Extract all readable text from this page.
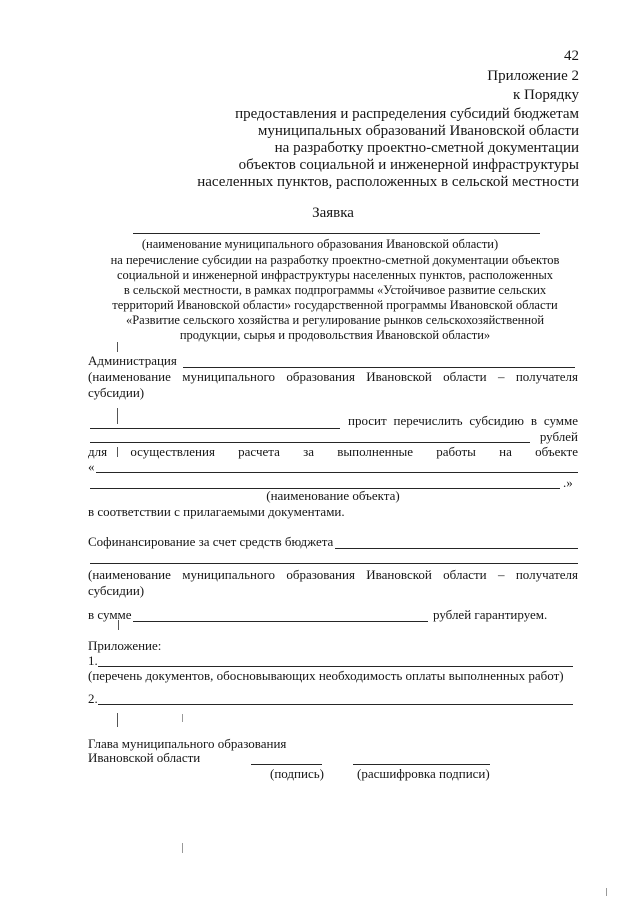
42
Приложение 2
к Порядку
предоставления и распределения субсидий бюджетам
муниципальных образований Ивановской области
на разработку проектно-сметной документации
объектов социальной и инженерной инфраструктуры
населенных пунктов, расположенных в сельской местности
Заявка
(наименование муниципального образования Ивановской области)
на перечисление субсидии на разработку проектно-сметной документации объектов
социальной и инженерной инфраструктуры населенных пунктов, расположенных
в сельской местности, в рамках подпрограммы «Устойчивое развитие сельских
территорий Ивановской области» государственной программы Ивановской области
«Развитие сельского хозяйства и регулирование рынков сельскохозяйственной
продукции, сырья и продовольствия Ивановской области»
Администрация
(наименование муниципального образования Ивановской области – получателя
субсидии)
просит перечислить субсидию в сумме
рублей
для осуществления расчета за выполненные работы на объекте
«
.»
(наименование объекта)
в соответствии с прилагаемыми документами.
Софинансирование за счет средств бюджета
(наименование муниципального образования Ивановской области – получателя
субсидии)
в сумме	рублей гарантируем.
Приложение:
1.
(перечень документов, обосновывающих необходимость оплаты выполненных работ)
2.
Глава муниципального образования
Ивановской области
(подпись)	(расшифровка подписи)
